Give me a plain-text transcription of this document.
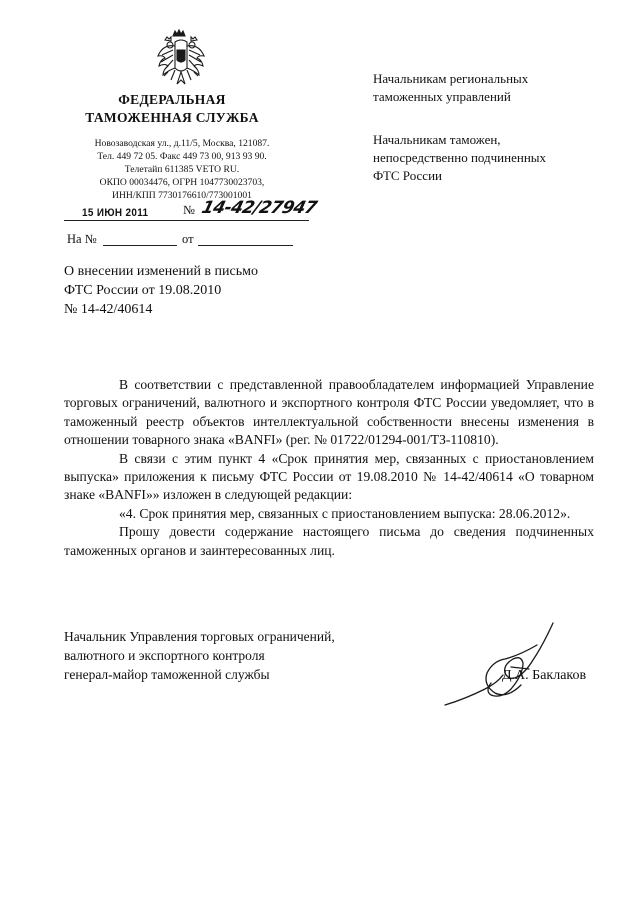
ФЕДЕРАЛЬНАЯ
ТАМОЖЕННАЯ СЛУЖБА
Новозаводская ул., д.11/5, Москва, 121087.
Тел. 449 72 05. Факс 449 73 00, 913 93 90.
Телетайп 611385 VETO RU.
ОКПО 00034476, ОГРН 1047730023703,
ИНН/КПП 7730176610/773001001
15 ИЮН 2011	№ 14-42/27947
На №	от
Начальникам региональных
таможенных управлений
Начальникам таможен,
непосредственно подчиненных
ФТС России
О внесении изменений в письмо
ФТС России от 19.08.2010
№ 14-42/40614

В соответствии с представленной правообладателем информацией Управление торговых ограничений, валютного и экспортного контроля ФТС России уведомляет, что в таможенный реестр объектов интеллектуальной собственности внесены изменения в отношении товарного знака «BANFI» (рег. № 01722/01294-001/ТЗ-110810).

В связи с этим пункт 4 «Срок принятия мер, связанных с приостановлением выпуска» приложения к письму ФТС России от 19.08.2010 № 14-42/40614 «О товарном знаке «BANFI»» изложен в следующей редакции:

«4. Срок принятия мер, связанных с приостановлением выпуска: 28.06.2012».

Прошу довести содержание настоящего письма до сведения подчиненных таможенных органов и заинтересованных лиц.

Начальник Управления торговых ограничений,
валютного и экспортного контроля
генерал-майор таможенной службы	Д.А. Баклаков
